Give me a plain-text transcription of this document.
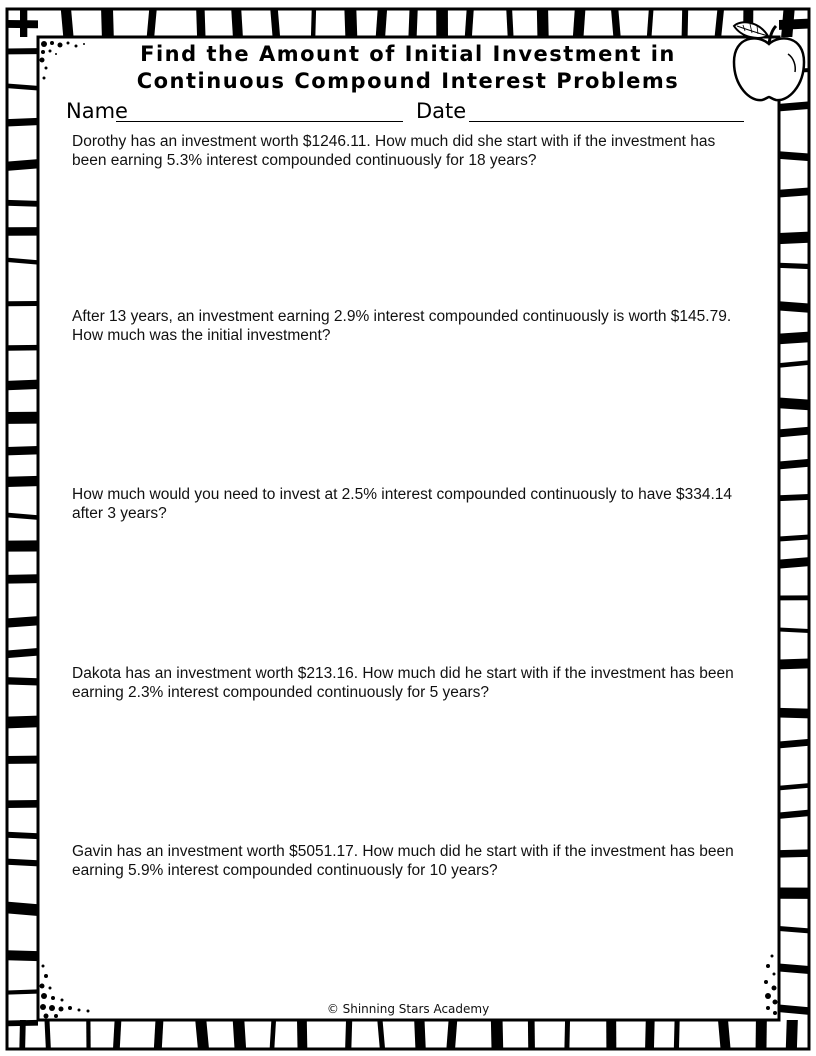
Find the Amount of Initial Investment in
Continuous Compound Interest Problems
Name	Date
Dorothy has an investment worth $1246.11. How much did she start with if the investment has been earning 5.3% interest compounded continuously for 18 years?
After 13 years, an investment earning 2.9% interest compounded continuously is worth $145.79. How much was the initial investment?
How much would you need to invest at 2.5% interest compounded continuously to have $334.14 after 3 years?
Dakota has an investment worth $213.16. How much did he start with if the investment has been earning 2.3% interest compounded continuously for 5 years?
Gavin has an investment worth $5051.17. How much did he start with if the investment has been earning 5.9% interest compounded continuously for 10 years?
© Shinning Stars Academy
